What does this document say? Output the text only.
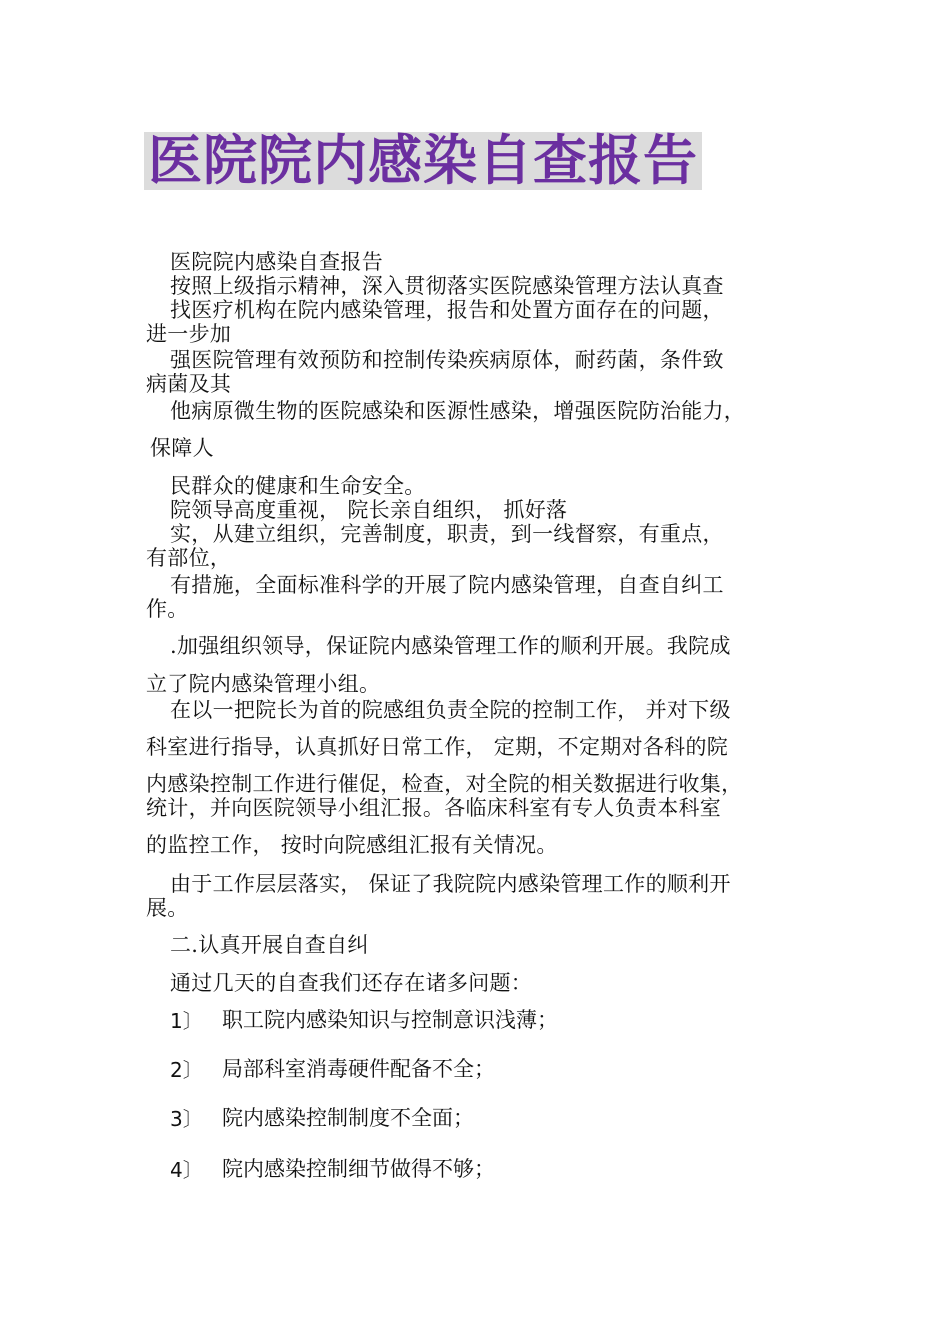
医院院内感染自查报告
医院院内感染自查报告
按照上级指示精神，深入贯彻落实医院感染管理方法认真查
找医疗机构在院内感染管理，报告和处置方面存在的问题，
进一步加
强医院管理有效预防和控制传染疾病原体，耐药菌，条件致
病菌及其
他病原微生物的医院感染和医源性感染，增强医院防治能力，
保障人
民群众的健康和生命安全。
院领导高度重视， 院长亲自组织， 抓好落
实，从建立组织，完善制度，职责，到一线督察，有重点，
有部位，
有措施，全面标准科学的开展了院内感染管理，自查自纠工
作。
.加强组织领导，保证院内感染管理工作的顺利开展。我院成
立了院内感染管理小组。
在以一把院长为首的院感组负责全院的控制工作， 并对下级
科室进行指导，认真抓好日常工作， 定期，不定期对各科的院
内感染控制工作进行催促，检查，对全院的相关数据进行收集，
统计，并向医院领导小组汇报。各临床科室有专人负责本科室
的监控工作， 按时向院感组汇报有关情况。
由于工作层层落实， 保证了我院院内感染管理工作的顺利开
展。
二.认真开展自查自纠
通过几天的自查我们还存在诸多问题：
1〕 职工院内感染知识与控制意识浅薄；
2〕 局部科室消毒硬件配备不全；
3〕 院内感染控制制度不全面；
4〕 院内感染控制细节做得不够；
